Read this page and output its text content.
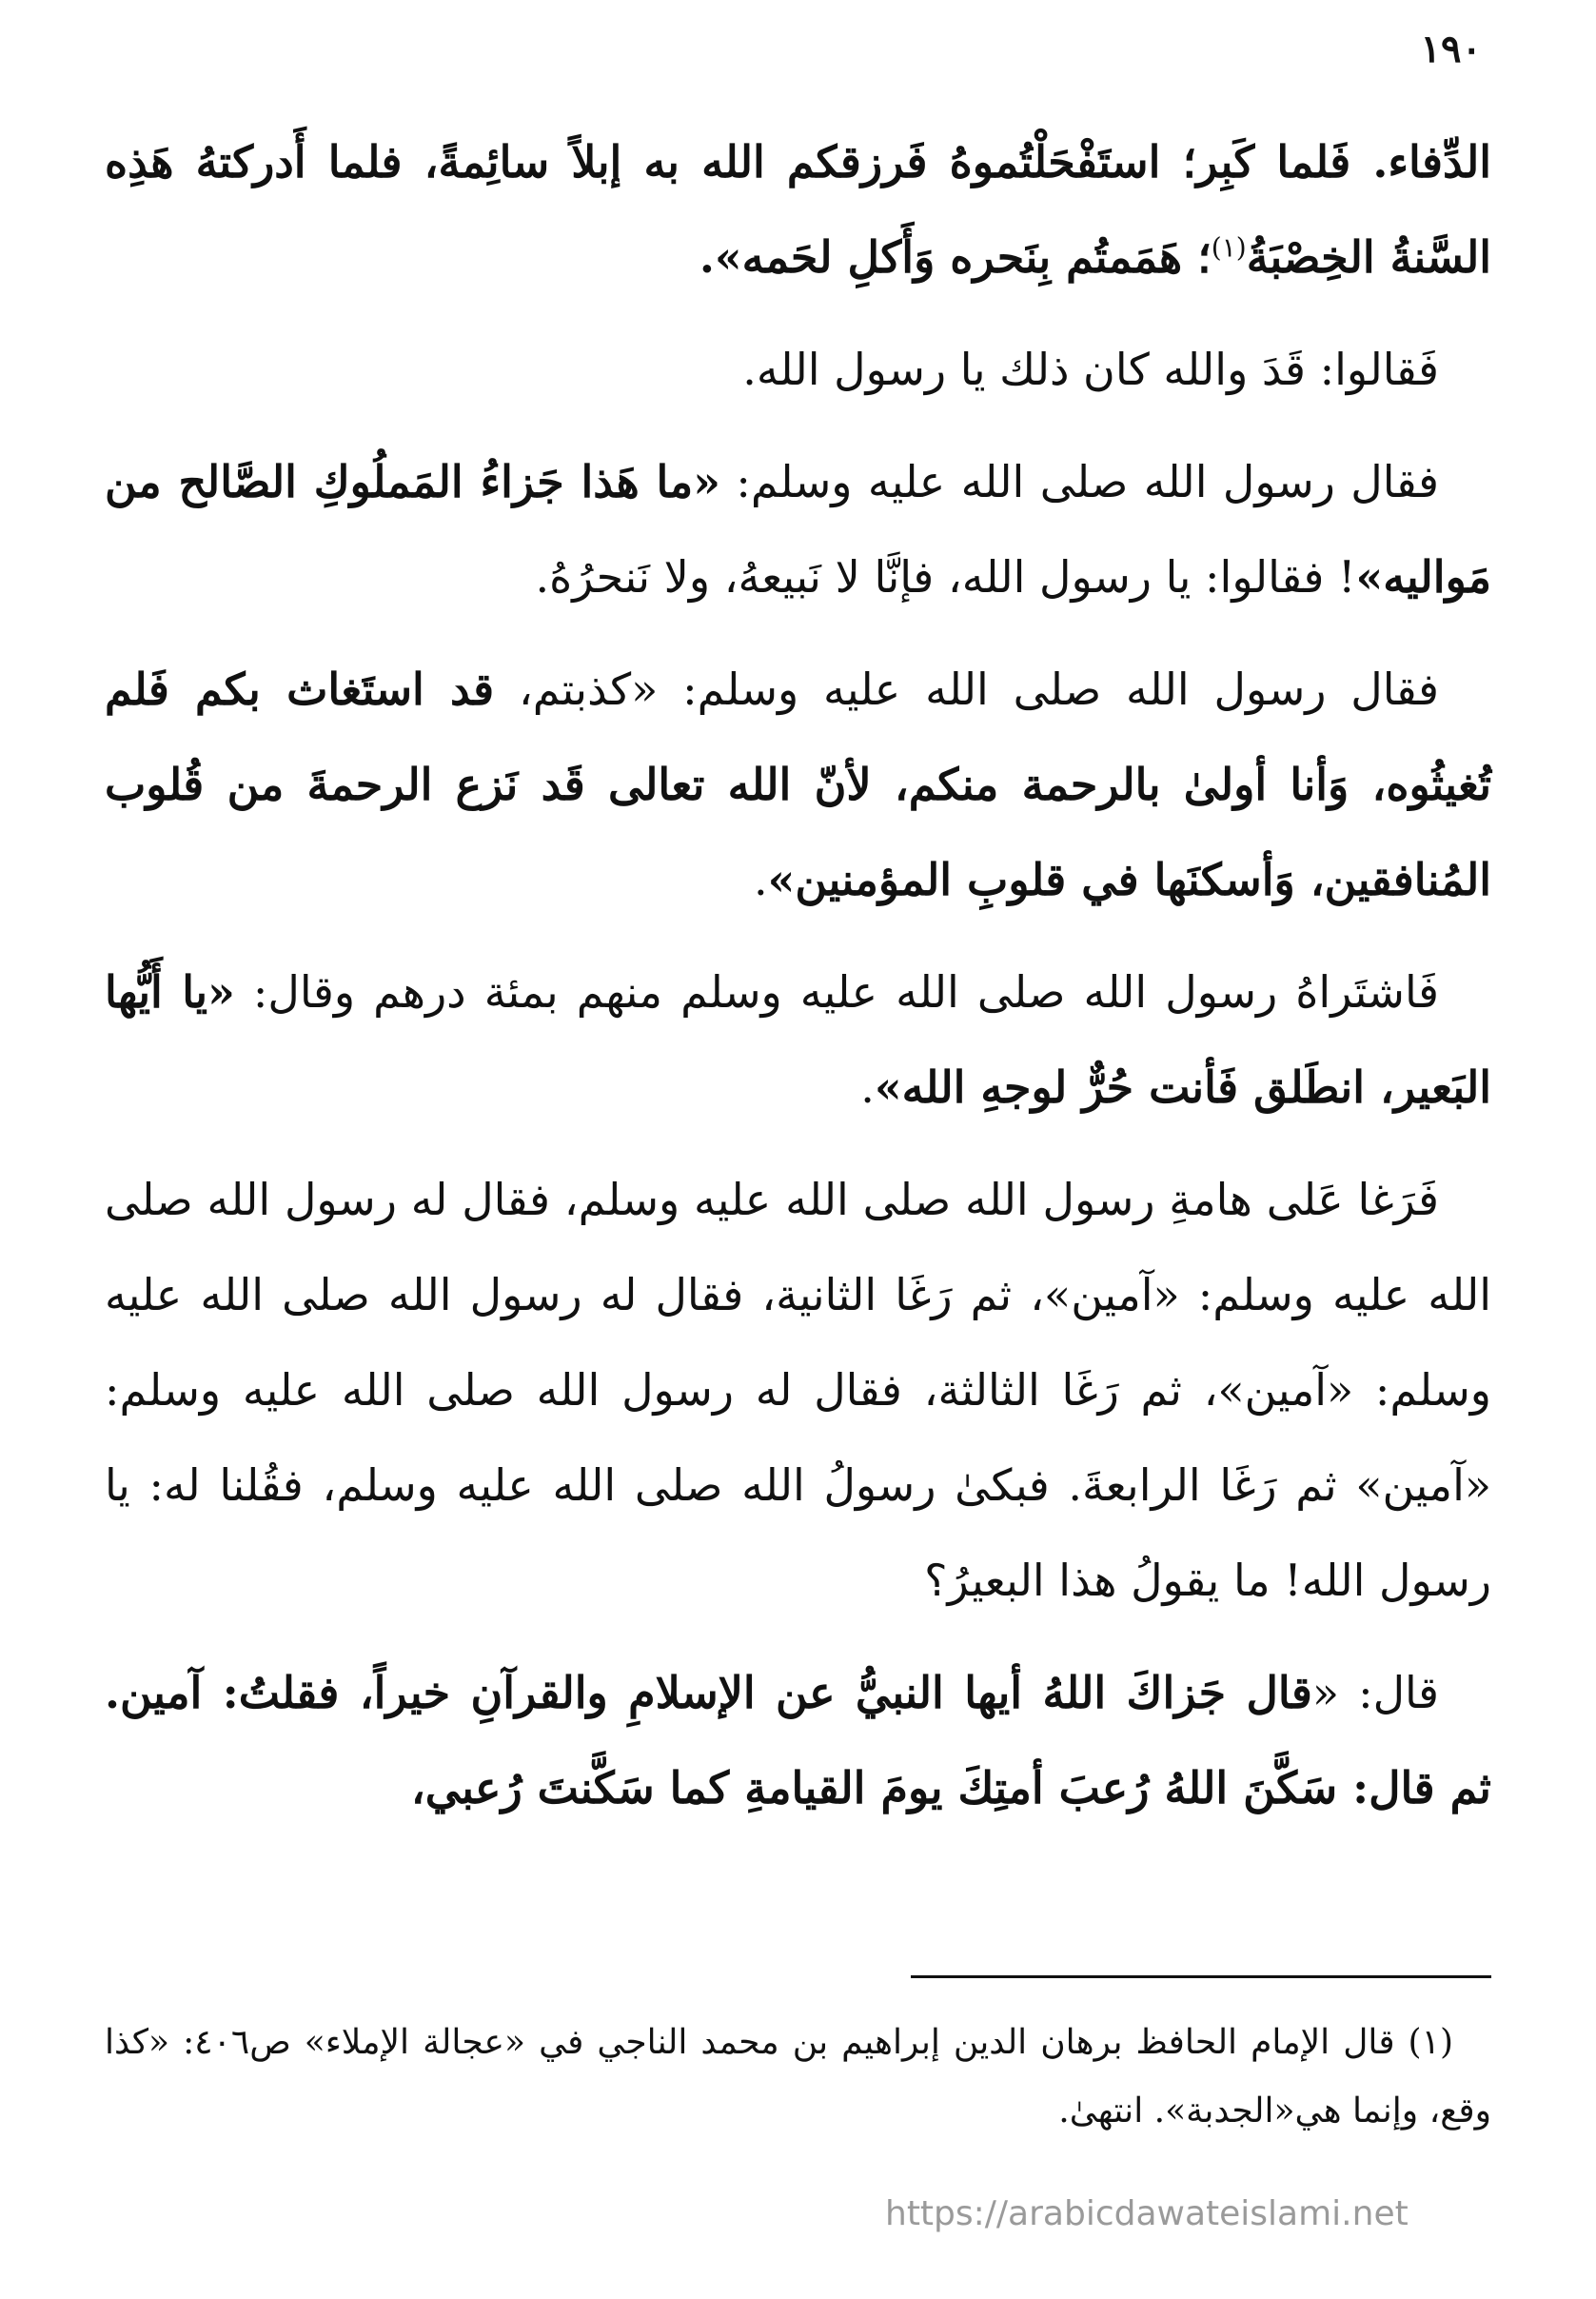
١٩٠

الدِّفاء. فَلما كَبِر؛ استَفْحَلْتُموهُ فَرزقكم الله به إبلاً سائِمةً، فلما أَدركتهُ هَذِه السَّنةُ الخِصْبَةُ$^{(١)}$؛ هَمَمتُم بِنَحره وَأَكلِ لحَمه».

فَقالوا: قَدَ والله كان ذلك يا رسول الله.

فقال رسول الله صلى الله عليه وسلم: «ما هَذا جَزاءُ المَملُوكِ الصَّالح من مَواليه»! فقالوا: يا رسول الله، فإنَّا لا نَبيعهُ، ولا نَنحرُهُ.

فقال رسول الله صلى الله عليه وسلم: «كذبتم، قد استَغاث بكم فَلم تُغيثُوه، وَأنا أولىٰ بالرحمة منكم، لأنّ الله تعالى قَد نَزع الرحمةَ من قُلوب المُنافقين، وَأسكنَها في قلوبِ المؤمنين».

فَاشتَراهُ رسول الله صلى الله عليه وسلم منهم بمئة درهم وقال: «يا أَيُّها البَعير، انطَلق فَأنت حُرٌّ لوجهِ الله».

فَرَغا عَلى هامةِ رسول الله صلى الله عليه وسلم، فقال له رسول الله صلى الله عليه وسلم: «آمين»، ثم رَغَا الثانية، فقال له رسول الله صلى الله عليه وسلم: «آمين»، ثم رَغَا الثالثة، فقال له رسول الله صلى الله عليه وسلم: «آمين» ثم رَغَا الرابعةَ. فبكىٰ رسولُ الله صلى الله عليه وسلم، فقُلنا له: يا رسول الله! ما يقولُ هذا البعيرُ؟

قال: «قال جَزاكَ اللهُ أيها النبيُّ عن الإسلامِ والقرآنِ خيراً، فقلتُ: آمين. ثم قال: سَكَّنَ اللهُ رُعبَ أمتِكَ يومَ القيامةِ كما سَكَّنتَ رُعبي،

(١) قال الإمام الحافظ برهان الدين إبراهيم بن محمد الناجي في «عجالة الإملاء» ص٤٠٦: «كذا وقع، وإنما هي«الجدبة». انتهىٰ.

https://arabicdawateislami.net
